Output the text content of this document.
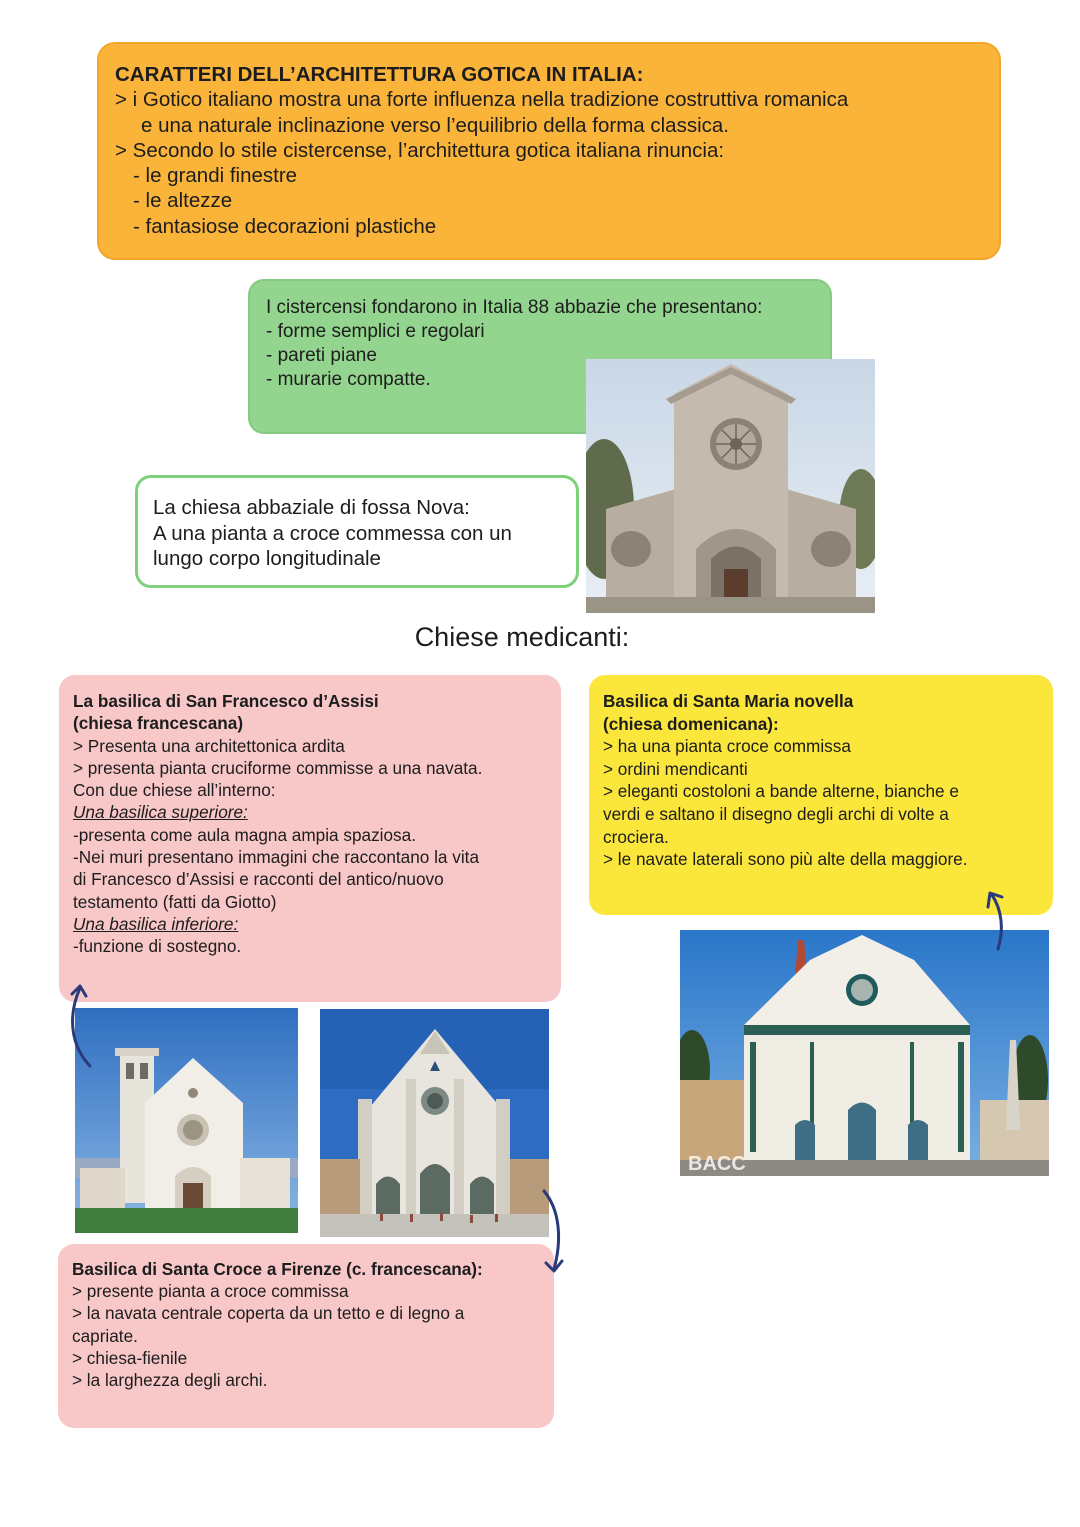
CARATTERI DELL’ARCHITETTURA GOTICA IN ITALIA:
> i Gotico italiano mostra una forte influenza nella tradizione costruttiva romanica
e una naturale inclinazione verso l’equilibrio della forma classica.
> Secondo lo stile cistercense, l’architettura gotica italiana rinuncia:
- le grandi finestre
- le altezze
- fantasiose decorazioni plastiche
I cistercensi fondarono in Italia 88 abbazie che presentano:
- forme semplici e regolari
- pareti piane
- murarie compatte.
La chiesa abbaziale di fossa Nova:
A una pianta a croce commessa con un
lungo corpo longitudinale
Chiese medicanti:
La basilica di San Francesco d’Assisi
(chiesa francescana)
> Presenta una architettonica ardita
> presenta pianta cruciforme commisse a una navata.
Con due chiese all’interno:
Una basilica superiore:
-presenta come aula magna ampia spaziosa.
-Nei muri presentano immagini che raccontano la vita
di Francesco d’Assisi e racconti del antico/nuovo
testamento (fatti da Giotto)
Una basilica inferiore:
-funzione di sostegno.
Basilica di Santa Maria novella
(chiesa domenicana):
> ha una pianta croce commissa
> ordini mendicanti
> eleganti costoloni a bande alterne, bianche e
verdi e saltano il disegno degli archi di volte a
crociera.
> le navate laterali sono più alte della maggiore.
BACC
Basilica di Santa Croce a Firenze (c. francescana):
> presente pianta a croce commissa
> la navata centrale coperta da un tetto e di legno a
capriate.
> chiesa-fienile
> la larghezza degli archi.
